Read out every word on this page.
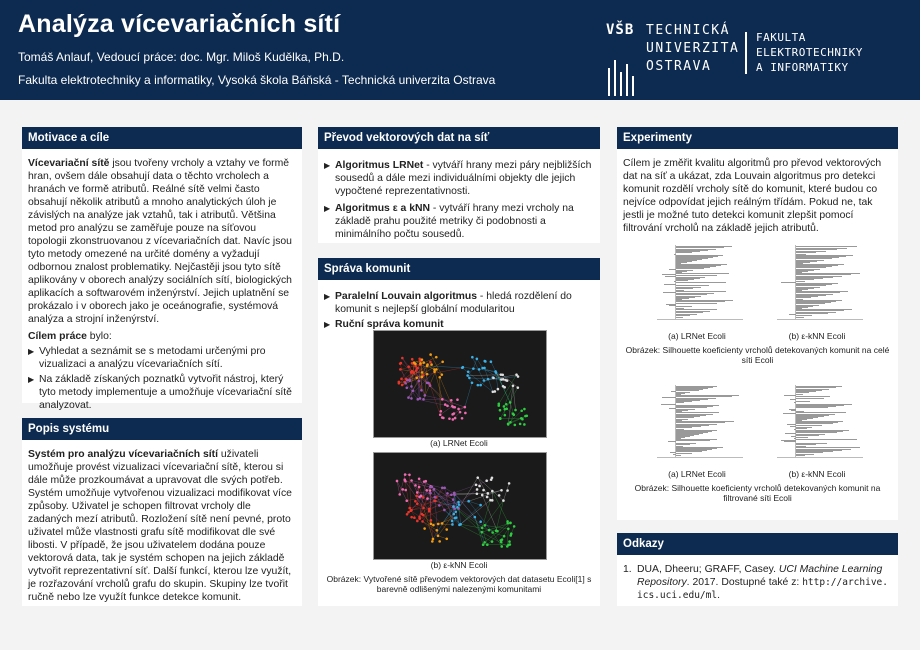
Analýza vícevariačních sítí
Tomáš Anlauf, Vedoucí práce: doc. Mgr. Miloš Kudělka, Ph.D.
Fakulta elektrotechniky a informatiky, Vysoká škola Báňská - Technická univerzita Ostrava
VŠB TECHNICKÁ
UNIVERZITA
OSTRAVA
FAKULTA
ELEKTROTECHNIKY
A INFORMATIKY
Motivace a cíle

Vícevariační sítě jsou tvořeny vrcholy a vztahy ve formě hran, ovšem dále obsahují data o těchto vrcholech a hranách ve formě atributů. Reálné sítě velmi často obsahují několik atributů a mnoho analytických úloh je závislých na analýze jak vztahů, tak i atributů. Většina metod pro analýzu se zaměřuje pouze na síťovou topologii zkonstruovanou z vícevariačních dat. Navíc jsou tyto metody omezené na určité domény a vyžadují odbornou znalost problematiky. Nejčastěji jsou tyto sítě aplikovány v oborech analýzy sociálních sítí, biologických aplikacích a softwarovém inženýrství. Jejich uplatnění se prokázalo i v oborech jako je oceánografie, systémová analýza a strojní inženýrství.

Cílem práce bylo:
▶ Vyhledat a seznámit se s metodami určenými pro vizualizaci a analýzu vícevariačních sítí.
▶ Na základě získaných poznatků vytvořit nástroj, který tyto metody implementuje a umožňuje vícevariační sítě analyzovat.
Popis systému

Systém pro analýzu vícevariačních sítí uživateli umožňuje provést vizualizaci vícevariační sítě, kterou si dále může prozkoumávat a upravovat dle svých potřeb. Systém umožňuje vytvořenou vizualizaci modifikovat více způsoby. Uživatel je schopen filtrovat vrcholy dle zadaných mezí atributů. Rozložení sítě není pevné, proto uživatel může vlastnosti grafu sítě modifikovat dle své libosti. V případě, že jsou uživatelem dodána pouze vektorová data, tak je systém schopen na jejich základě vytvořit reprezentativní síť. Další funkcí, kterou lze využít, je rozřazování vrcholů grafu do skupin. Skupiny lze tvořit ručně nebo lze využít funkce detekce komunit.

Převod vektorových dat na síť
▶ Algoritmus LRNet - vytváří hrany mezi páry nejbližších sousedů a dále mezi individuálními objekty dle jejich vypočtené reprezentativnosti.
▶ Algoritmus ε a kNN - vytváří hrany mezi vrcholy na základě prahu použité metriky či podobnosti a minimálního počtu sousedů.
Správa komunit
▶ Paralelní Louvain algoritmus - hledá rozdělení do komunit s nejlepší globální modularitou
▶ Ruční správa komunit
(a) LRNet Ecoli
(b) ε-kNN Ecoli
Obrázek: Vytvořené sítě převodem vektorových dat datasetu Ecoli[1] s barevně odlišenými nalezenými komunitami
Experimenty

Cílem je změřit kvalitu algoritmů pro převod vektorových dat na síť a ukázat, zda Louvain algoritmus pro detekci komunit rozdělí vrcholy sítě do komunit, které budou co nejvíce odpovídat jejich reálným třídám. Pokud ne, tak jestli je možné tuto detekci komunit zlepšit pomocí filtrování vrcholů na základě jejich atributů.

(a) LRNet Ecoli	(b) ε-kNN Ecoli
Obrázek: Silhouette koeficienty vrcholů detekovaných komunit na celé síti Ecoli
(a) LRNet Ecoli	(b) ε-kNN Ecoli
Obrázek: Silhouette koeficienty vrcholů detekovaných komunit na filtrované síti Ecoli
Odkazy
1. DUA, Dheeru; GRAFF, Casey. UCI Machine Learning Repository. 2017. Dostupné také z: http://archive.
ics.uci.edu/ml.
